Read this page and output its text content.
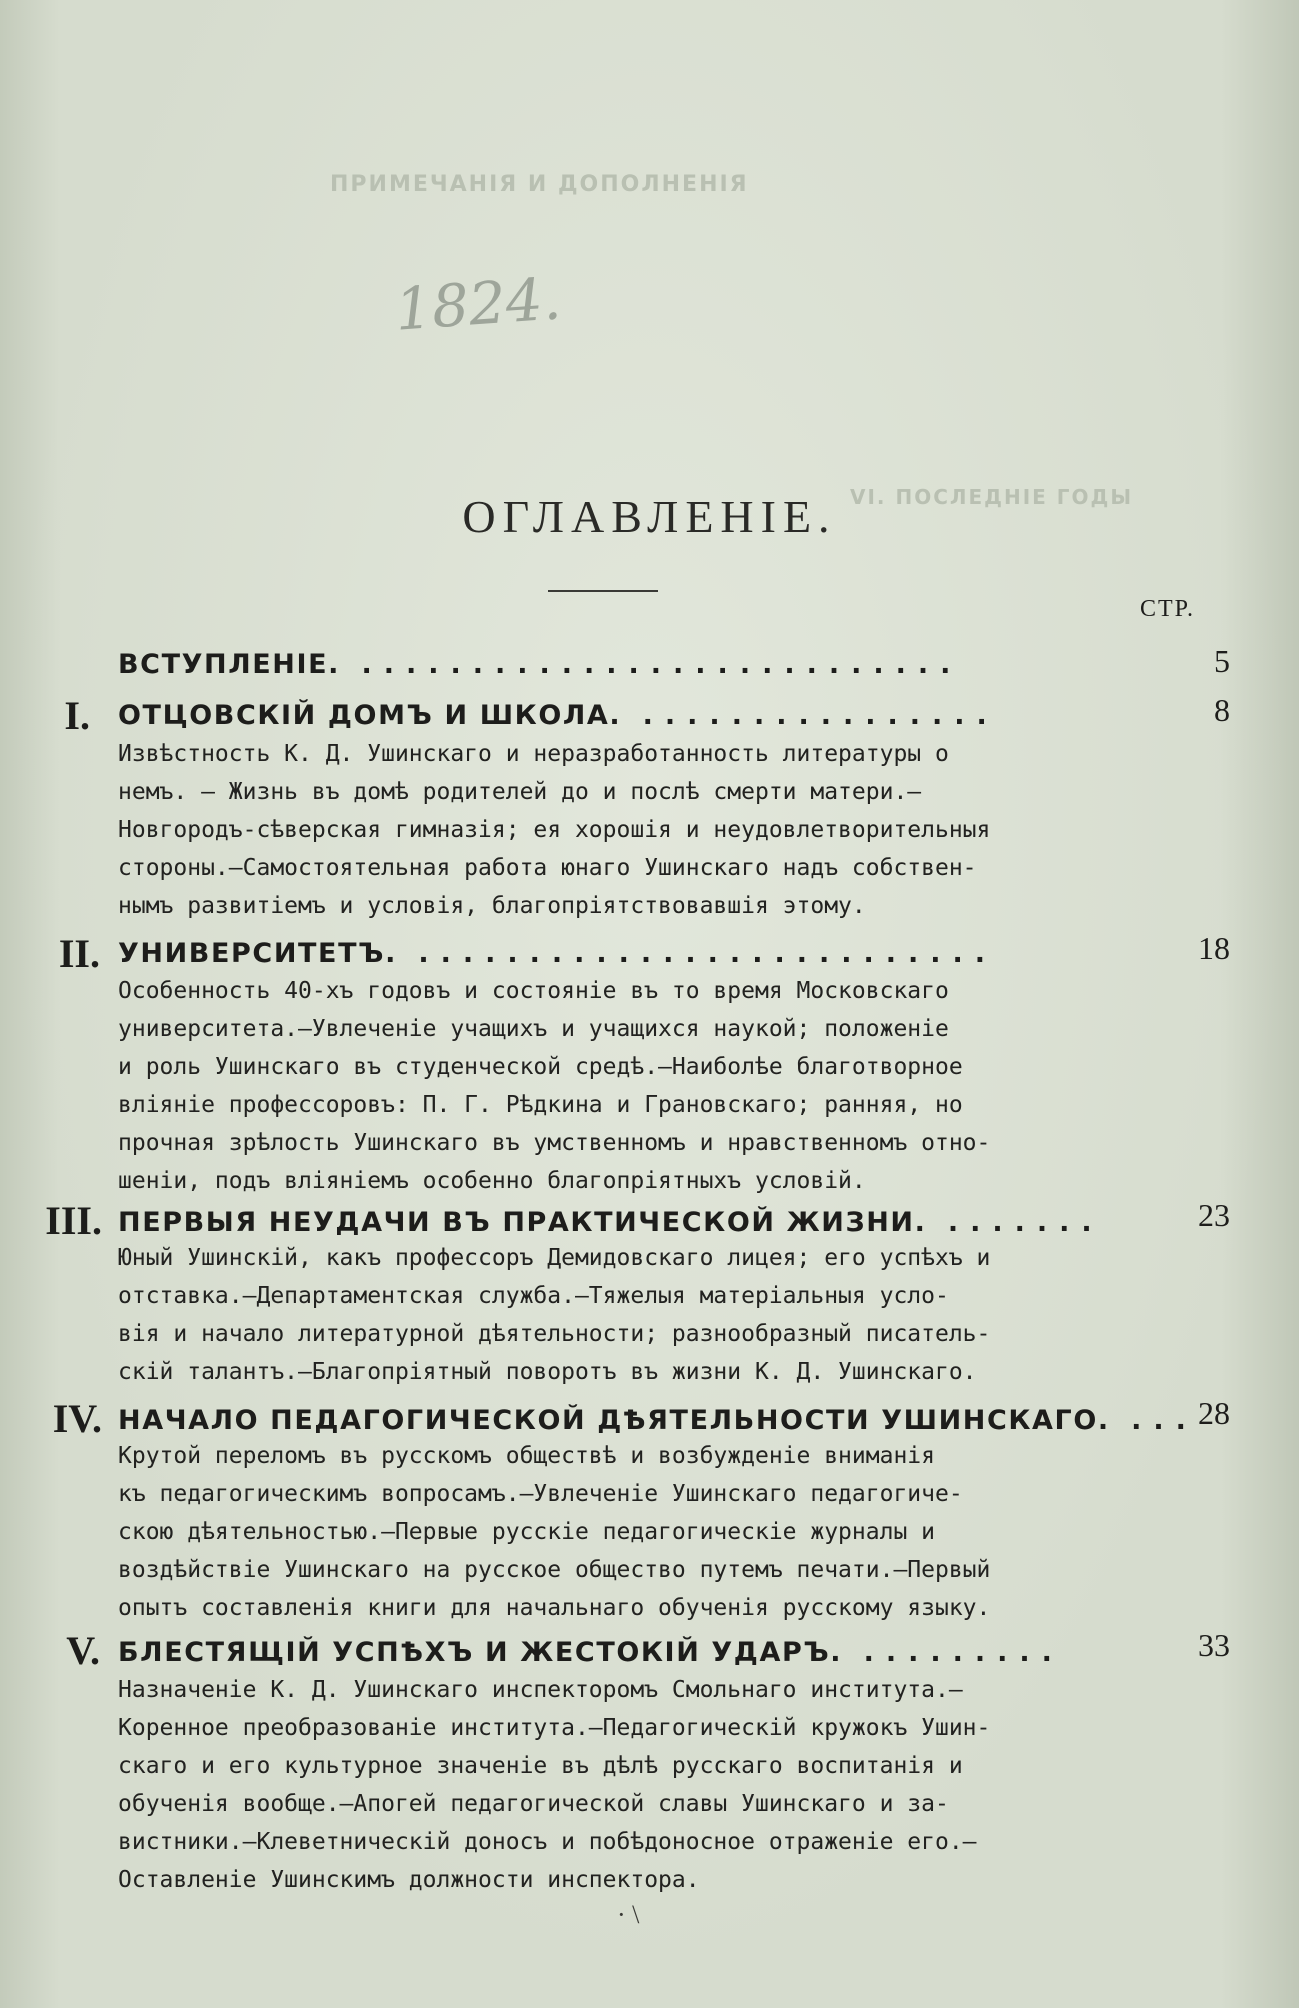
ПРИМЕЧАНІЯ И ДОПОЛНЕНІЯ
VI. ПОСЛЕДНІЕ ГОДЫ
1824.
ОГЛАВЛЕНІЕ.
СТР.
ВСТУПЛЕНІЕ. ...........................	5
I. ОТЦОВСКІЙ ДОМЪ И ШКОЛА. ................	8
Извѣстность К. Д. Ушинскаго и неразработанность литературы о
немъ. — Жизнь въ домѣ родителей до и послѣ смерти матери.—
Новгородъ-сѣверская гимназія; ея хорошія и неудовлетворительныя
стороны.—Самостоятельная работа юнаго Ушинскаго надъ собствен-
нымъ развитіемъ и условія, благопріятствовавшія этому.
II. УНИВЕРСИТЕТЪ. ..........................	18
Особенность 40-хъ годовъ и состояніе въ то время Московскаго
университета.—Увлеченіе учащихъ и учащихся наукой; положеніе
и роль Ушинскаго въ студенческой средѣ.—Наиболѣе благотворное
вліяніе профессоровъ: П. Г. Рѣдкина и Грановскаго; ранняя, но
прочная зрѣлость Ушинскаго въ умственномъ и нравственномъ отно-
шеніи, подъ вліяніемъ особенно благопріятныхъ условій.
III. ПЕРВЫЯ НЕУДАЧИ ВЪ ПРАКТИЧЕСКОЙ ЖИЗНИ. .......	23
Юный Ушинскій, какъ профессоръ Демидовскаго лицея; его успѣхъ и
отставка.—Департаментская служба.—Тяжелыя матеріальныя усло-
вія и начало литературной дѣятельности; разнообразный писатель-
скій талантъ.—Благопріятный поворотъ въ жизни К. Д. Ушинскаго.
IV. НАЧАЛО ПЕДАГОГИЧЕСКОЙ ДѢЯТЕЛЬНОСТИ УШИНСКАГО. ... 28
Крутой переломъ въ русскомъ обществѣ и возбужденіе вниманія
къ педагогическимъ вопросамъ.—Увлеченіе Ушинскаго педагогиче-
скою дѣятельностью.—Первые русскіе педагогическіе журналы и
воздѣйствіе Ушинскаго на русское общество путемъ печати.—Первый
опытъ составленія книги для начальнаго обученія русскому языку.
V. БЛЕСТЯЩІЙ УСПѢХЪ И ЖЕСТОКІЙ УДАРЪ. .........	33
Назначеніе К. Д. Ушинскаго инспекторомъ Смольнаго института.—
Коренное преобразованіе института.—Педагогическій кружокъ Ушин-
скаго и его культурное значеніе въ дѣлѣ русскаго воспитанія и
обученія вообще.—Апогей педагогической славы Ушинскаго и за-
вистники.—Клеветническій доносъ и побѣдоносное отраженіе его.—
Оставленіе Ушинскимъ должности инспектора.
· \
